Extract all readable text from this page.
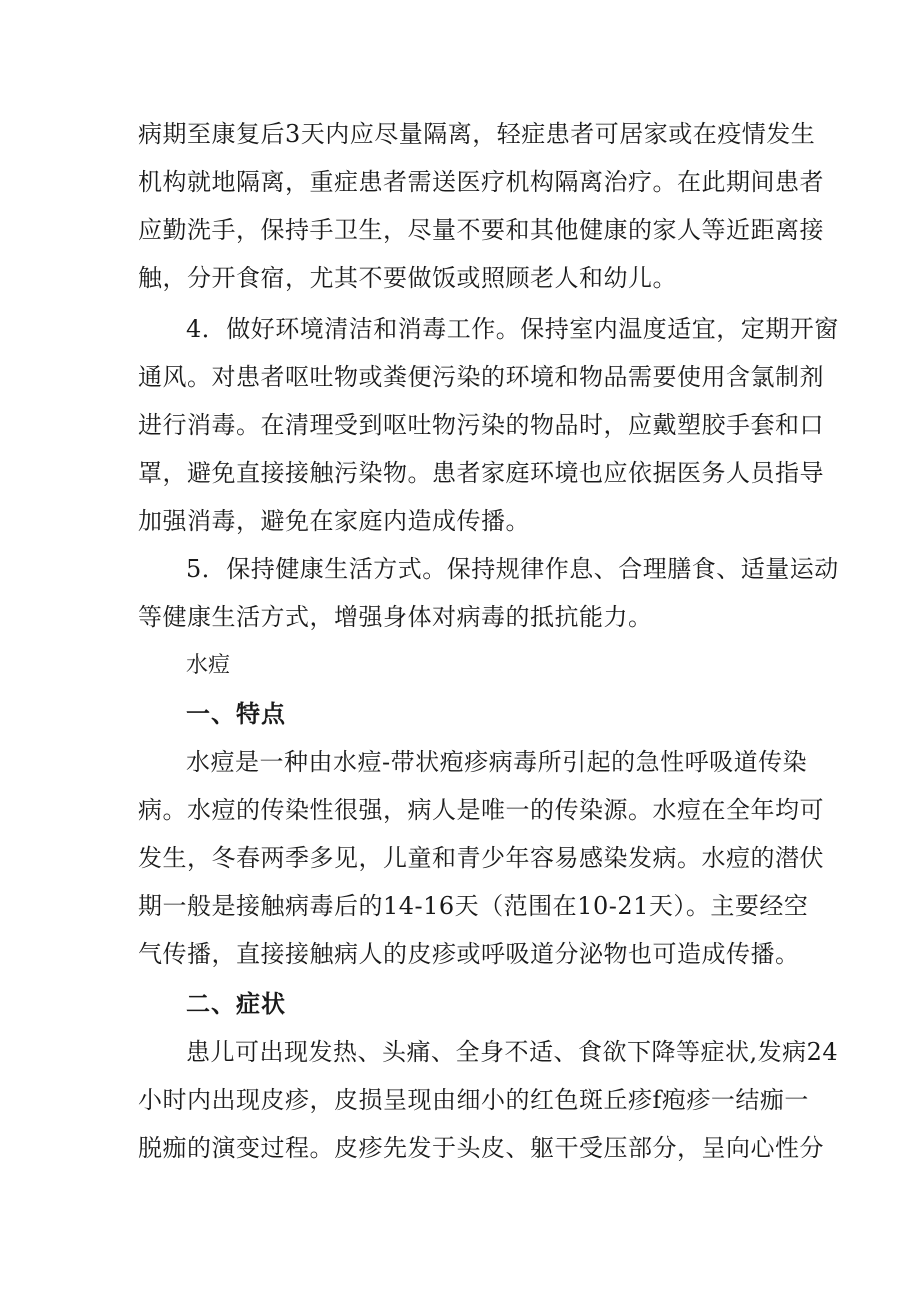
病期至康复后3天内应尽量隔离，轻症患者可居家或在疫情发生
机构就地隔离，重症患者需送医疗机构隔离治疗。在此期间患者
应勤洗手，保持手卫生，尽量不要和其他健康的家人等近距离接
触，分开食宿，尤其不要做饭或照顾老人和幼儿。
4．做好环境清洁和消毒工作。保持室内温度适宜，定期开窗
通风。对患者呕吐物或粪便污染的环境和物品需要使用含氯制剂
进行消毒。在清理受到呕吐物污染的物品时，应戴塑胶手套和口
罩，避免直接接触污染物。患者家庭环境也应依据医务人员指导
加强消毒，避免在家庭内造成传播。
5．保持健康生活方式。保持规律作息、合理膳食、适量运动
等健康生活方式，增强身体对病毒的抵抗能力。
水痘
一、特点
水痘是一种由水痘-带状疱疹病毒所引起的急性呼吸道传染
病。水痘的传染性很强，病人是唯一的传染源。水痘在全年均可
发生，冬春两季多见，儿童和青少年容易感染发病。水痘的潜伏
期一般是接触病毒后的14-16天（范围在10-21天）。主要经空
气传播，直接接触病人的皮疹或呼吸道分泌物也可造成传播。
二、症状
患儿可出现发热、头痛、全身不适、食欲下降等症状,发病24
小时内出现皮疹，皮损呈现由细小的红色斑丘疹f疱疹一结痂一
脱痂的演变过程。皮疹先发于头皮、躯干受压部分，呈向心性分
